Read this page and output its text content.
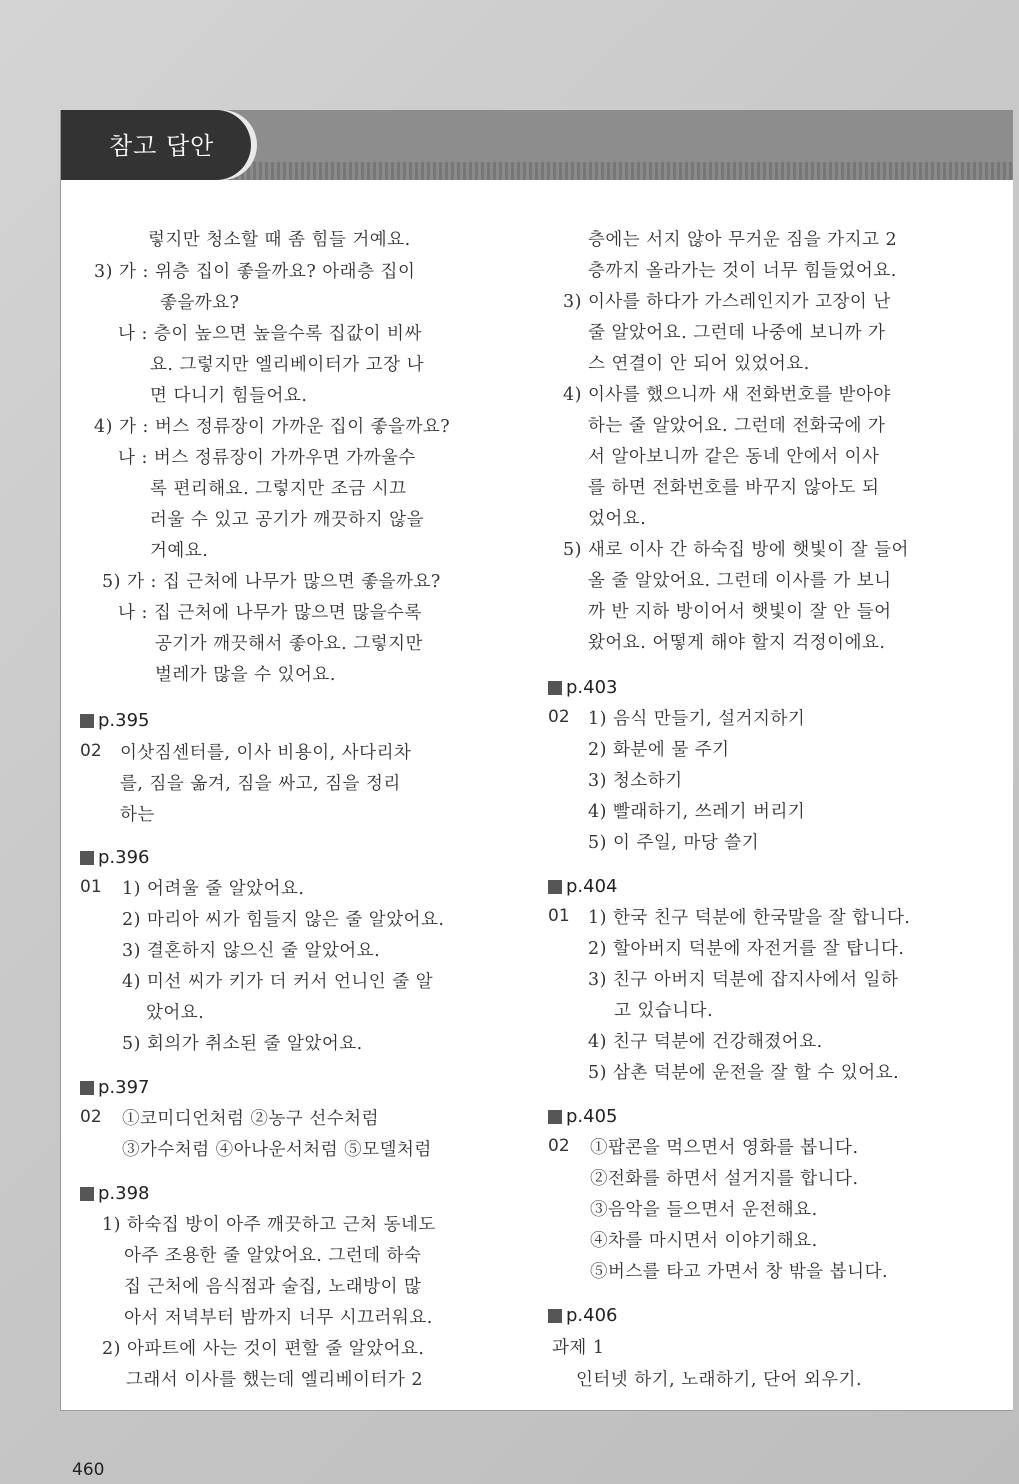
참고 답안
렇지만 청소할 때 좀 힘들 거예요.
3) 가 : 위층 집이 좋을까요? 아래층 집이
좋을까요?
나 : 층이 높으면 높을수록 집값이 비싸
요. 그렇지만 엘리베이터가 고장 나
면 다니기 힘들어요.
4) 가 : 버스 정류장이 가까운 집이 좋을까요?
나 : 버스 정류장이 가까우면 가까울수
록 편리해요. 그렇지만 조금 시끄
러울 수 있고 공기가 깨끗하지 않을
거예요.
5) 가 : 집 근처에 나무가 많으면 좋을까요?
나 : 집 근처에 나무가 많으면 많을수록
공기가 깨끗해서 좋아요. 그렇지만
벌레가 많을 수 있어요.
p.395
02 이삿짐센터를, 이사 비용이, 사다리차
를, 짐을 옮겨, 짐을 싸고, 짐을 정리
하는
p.396
01 1) 어려울 줄 알았어요.
2) 마리아 씨가 힘들지 않은 줄 알았어요.
3) 결혼하지 않으신 줄 알았어요.
4) 미선 씨가 키가 더 커서 언니인 줄 알
았어요.
5) 회의가 취소된 줄 알았어요.
p.397
02 ①코미디언처럼 ②농구 선수처럼
③가수처럼 ④아나운서처럼 ⑤모델처럼
p.398
1) 하숙집 방이 아주 깨끗하고 근처 동네도
아주 조용한 줄 알았어요. 그런데 하숙
집 근처에 음식점과 술집, 노래방이 많
아서 저녁부터 밤까지 너무 시끄러워요.
2) 아파트에 사는 것이 편할 줄 알았어요.
그래서 이사를 했는데 엘리베이터가 2
층에는 서지 않아 무거운 짐을 가지고 2
층까지 올라가는 것이 너무 힘들었어요.
3) 이사를 하다가 가스레인지가 고장이 난
줄 알았어요. 그런데 나중에 보니까 가
스 연결이 안 되어 있었어요.
4) 이사를 했으니까 새 전화번호를 받아야
하는 줄 알았어요. 그런데 전화국에 가
서 알아보니까 같은 동네 안에서 이사
를 하면 전화번호를 바꾸지 않아도 되
었어요.
5) 새로 이사 간 하숙집 방에 햇빛이 잘 들어
올 줄 알았어요. 그런데 이사를 가 보니
까 반 지하 방이어서 햇빛이 잘 안 들어
왔어요. 어떻게 해야 할지 걱정이에요.
p.403
02 1) 음식 만들기, 설거지하기
2) 화분에 물 주기
3) 청소하기
4) 빨래하기, 쓰레기 버리기
5) 이 주일, 마당 쓸기
p.404
01 1) 한국 친구 덕분에 한국말을 잘 합니다.
2) 할아버지 덕분에 자전거를 잘 탑니다.
3) 친구 아버지 덕분에 잡지사에서 일하
고 있습니다.
4) 친구 덕분에 건강해졌어요.
5) 삼촌 덕분에 운전을 잘 할 수 있어요.
p.405
02 ①팝콘을 먹으면서 영화를 봅니다.
②전화를 하면서 설거지를 합니다.
③음악을 들으면서 운전해요.
④차를 마시면서 이야기해요.
⑤버스를 타고 가면서 창 밖을 봅니다.
p.406
과제 1
인터넷 하기, 노래하기, 단어 외우기.
460
